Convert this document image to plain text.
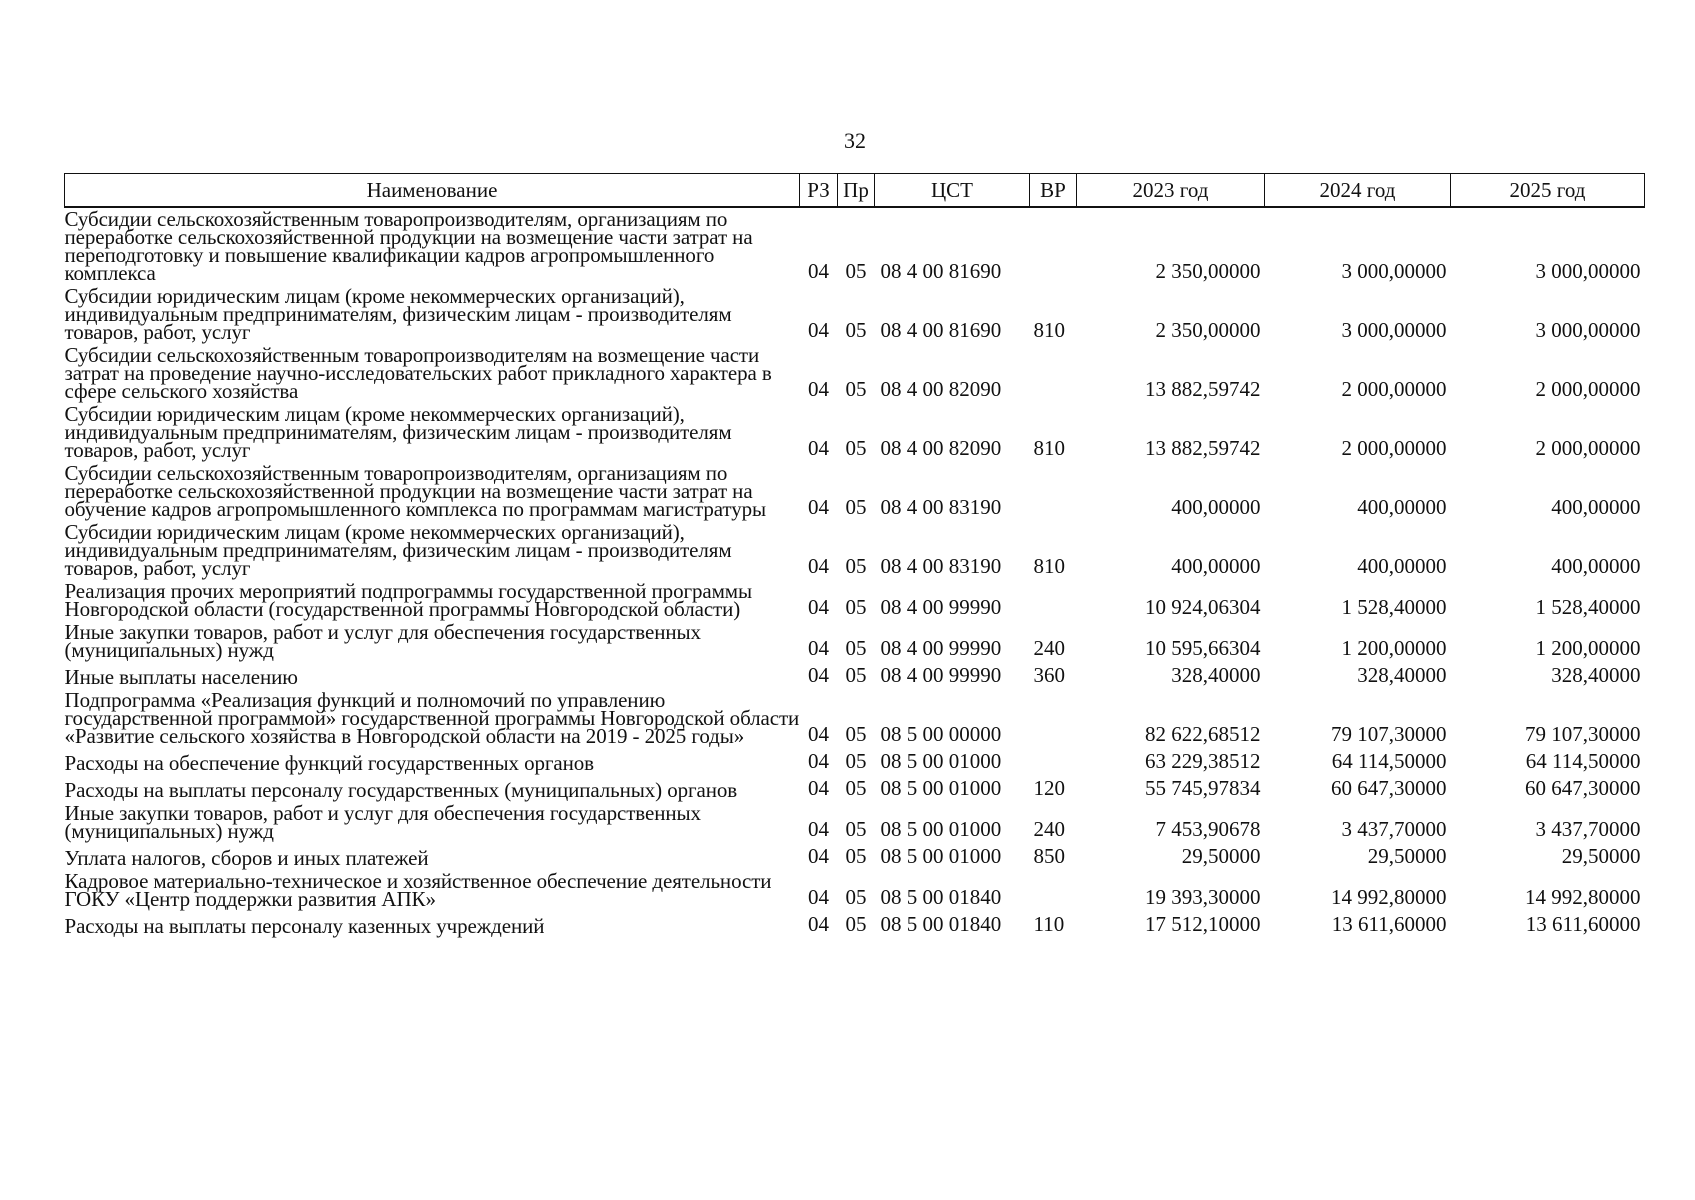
32
Наименование	РЗ	Пр	ЦСТ	ВР	2023 год	2024 год	2025 год
Субсидии сельскохозяйственным товаропроизводителям, организациям по переработке сельскохозяйственной продукции на возмещение части затрат на переподготовку и повышение квалификации кадров агропромышленного комплекса	04	05	08 4 00 81690		2 350,00000	3 000,00000	3 000,00000
Субсидии юридическим лицам (кроме некоммерческих организаций), индивидуальным предпринимателям, физическим лицам - производителям товаров, работ, услуг	04	05	08 4 00 81690	810	2 350,00000	3 000,00000	3 000,00000
Субсидии сельскохозяйственным товаропроизводителям на возмещение части затрат на проведение научно-исследовательских работ прикладного характера в сфере сельского хозяйства	04	05	08 4 00 82090		13 882,59742	2 000,00000	2 000,00000
Субсидии юридическим лицам (кроме некоммерческих организаций), индивидуальным предпринимателям, физическим лицам - производителям товаров, работ, услуг	04	05	08 4 00 82090	810	13 882,59742	2 000,00000	2 000,00000
Субсидии сельскохозяйственным товаропроизводителям, организациям по переработке сельскохозяйственной продукции на возмещение части затрат на обучение кадров агропромышленного комплекса по программам магистратуры	04	05	08 4 00 83190		400,00000	400,00000	400,00000
Субсидии юридическим лицам (кроме некоммерческих организаций), индивидуальным предпринимателям, физическим лицам - производителям товаров, работ, услуг	04	05	08 4 00 83190	810	400,00000	400,00000	400,00000
Реализация прочих мероприятий подпрограммы государственной программы Новгородской области (государственной программы Новгородской области)	04	05	08 4 00 99990		10 924,06304	1 528,40000	1 528,40000
Иные закупки товаров, работ и услуг для обеспечения государственных (муниципальных) нужд	04	05	08 4 00 99990	240	10 595,66304	1 200,00000	1 200,00000
Иные выплаты населению	04	05	08 4 00 99990	360	328,40000	328,40000	328,40000
Подпрограмма «Реализация функций и полномочий по управлению государственной программой» государственной программы Новгородской области «Развитие сельского хозяйства в Новгородской области на 2019 - 2025 годы»	04	05	08 5 00 00000		82 622,68512	79 107,30000	79 107,30000
Расходы на обеспечение функций государственных органов	04	05	08 5 00 01000		63 229,38512	64 114,50000	64 114,50000
Расходы на выплаты персоналу государственных (муниципальных) органов	04	05	08 5 00 01000	120	55 745,97834	60 647,30000	60 647,30000
Иные закупки товаров, работ и услуг для обеспечения государственных (муниципальных) нужд	04	05	08 5 00 01000	240	7 453,90678	3 437,70000	3 437,70000
Уплата налогов, сборов и иных платежей	04	05	08 5 00 01000	850	29,50000	29,50000	29,50000
Кадровое материально-техническое и хозяйственное обеспечение деятельности ГОКУ «Центр поддержки развития АПК»	04	05	08 5 00 01840		19 393,30000	14 992,80000	14 992,80000
Расходы на выплаты персоналу казенных учреждений	04	05	08 5 00 01840	110	17 512,10000	13 611,60000	13 611,60000
